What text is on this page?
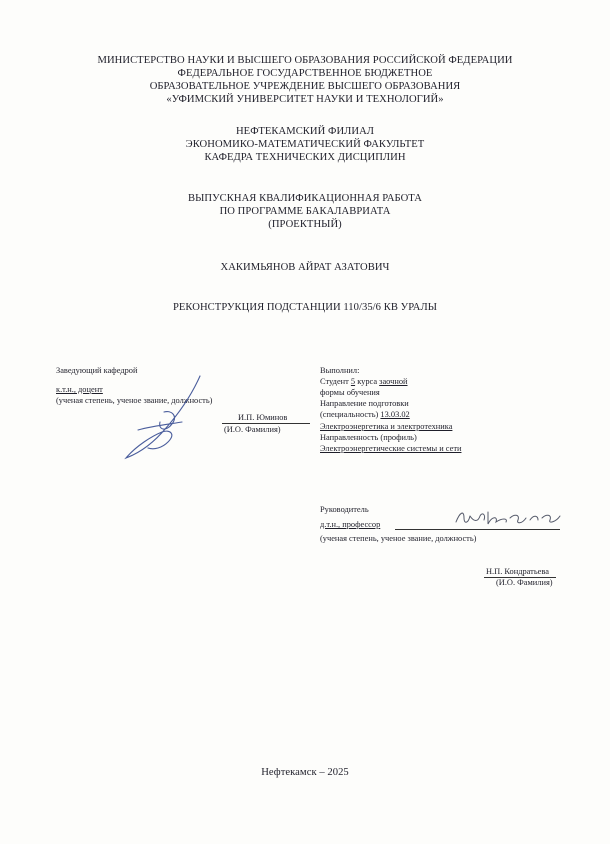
МИНИСТЕРСТВО НАУКИ И ВЫСШЕГО ОБРАЗОВАНИЯ РОССИЙСКОЙ ФЕДЕРАЦИИ
ФЕДЕРАЛЬНОЕ ГОСУДАРСТВЕННОЕ БЮДЖЕТНОЕ
ОБРАЗОВАТЕЛЬНОЕ УЧРЕЖДЕНИЕ ВЫСШЕГО ОБРАЗОВАНИЯ
«УФИМСКИЙ УНИВЕРСИТЕТ НАУКИ И ТЕХНОЛОГИЙ»
НЕФТЕКАМСКИЙ ФИЛИАЛ
ЭКОНОМИКО-МАТЕМАТИЧЕСКИЙ ФАКУЛЬТЕТ
КАФЕДРА ТЕХНИЧЕСКИХ ДИСЦИПЛИН
ВЫПУСКНАЯ КВАЛИФИКАЦИОННАЯ РАБОТА
ПО ПРОГРАММЕ БАКАЛАВРИАТА
(ПРОЕКТНЫЙ)
ХАКИМЬЯНОВ АЙРАТ АЗАТОВИЧ
РЕКОНСТРУКЦИЯ ПОДСТАНЦИИ 110/35/6 КВ УРАЛЫ
Заведующий кафедрой
к.т.н., доцент
(ученая степень, ученое звание, должность)
И.П. Юминов
(И.О. Фамилия)
Выполнил:
Студент 5 курса заочной
формы обучения
Направление подготовки
(специальность) 13.03.02
Электроэнергетика и электротехника
Направленность (профиль)
Электроэнергетические системы и сети
Руководитель
д.т.н., профессор
(ученая степень, ученое звание, должность)
Н.П. Кондратьева
(И.О. Фамилия)
Нефтекамск – 2025
